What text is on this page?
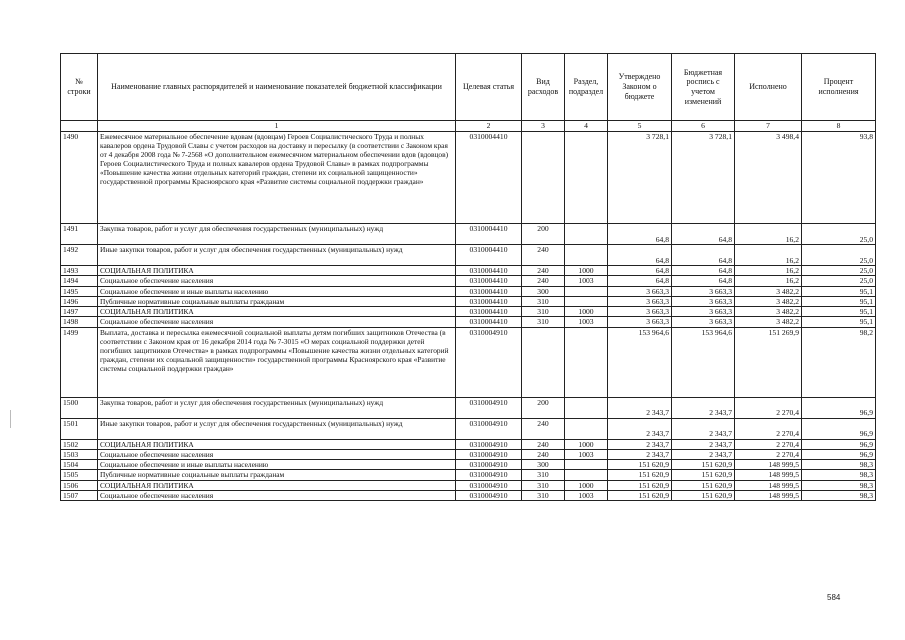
№ строки	Наименование главных распорядителей и наименование показателей бюджетной классификации	Целевая статья	Вид расходов	Раздел, подраздел	Утверждено Законом о бюджете	Бюджетная роспись с учетом изменений	Исполнено	Процент исполнения
	1	2	3	4	5	6	7	8
1490	Ежемесячное материальное обеспечение вдовам (вдовцам) Героев Социалистического Труда и полных кавалеров ордена Трудовой Славы с учетом расходов на доставку и пересылку (в соответствии с Законом края от 4 декабря 2008 года № 7-2568 «О дополнительном ежемесячном материальном обеспечении вдов (вдовцов) Героев Социалистического Труда и полных кавалеров ордена Трудовой Славы» в рамках подпрограммы «Повышение качества жизни отдельных категорий граждан, степени их социальной защищенности» государственной программы Красноярского края «Развитие системы социальной поддержки граждан»	0310004410			3 728,1	3 728,1	3 498,4	93,8
1491	Закупка товаров, работ и услуг для обеспечения государственных (муниципальных) нужд	0310004410	200		64,8	64,8	16,2	25,0
1492	Иные закупки товаров, работ и услуг для обеспечения государственных (муниципальных) нужд	0310004410	240		64,8	64,8	16,2	25,0
1493	СОЦИАЛЬНАЯ ПОЛИТИКА	0310004410	240	1000	64,8	64,8	16,2	25,0
1494	Социальное обеспечение населения	0310004410	240	1003	64,8	64,8	16,2	25,0
1495	Социальное обеспечение и иные выплаты населению	0310004410	300		3 663,3	3 663,3	3 482,2	95,1
1496	Публичные нормативные социальные выплаты гражданам	0310004410	310		3 663,3	3 663,3	3 482,2	95,1
1497	СОЦИАЛЬНАЯ ПОЛИТИКА	0310004410	310	1000	3 663,3	3 663,3	3 482,2	95,1
1498	Социальное обеспечение населения	0310004410	310	1003	3 663,3	3 663,3	3 482,2	95,1
1499	Выплата, доставка и пересылка ежемесячной социальной выплаты детям погибших защитников Отечества (в соответствии с Законом края от 16 декабря 2014 года № 7-3015 «О мерах социальной поддержки детей погибших защитников Отечества» в рамках подпрограммы «Повышение качества жизни отдельных категорий граждан, степени их социальной защищенности» государственной программы Красноярского края «Развитие системы социальной поддержки граждан»	0310004910			153 964,6	153 964,6	151 269,9	98,2
1500	Закупка товаров, работ и услуг для обеспечения государственных (муниципальных) нужд	0310004910	200		2 343,7	2 343,7	2 270,4	96,9
1501	Иные закупки товаров, работ и услуг для обеспечения государственных (муниципальных) нужд	0310004910	240		2 343,7	2 343,7	2 270,4	96,9
1502	СОЦИАЛЬНАЯ ПОЛИТИКА	0310004910	240	1000	2 343,7	2 343,7	2 270,4	96,9
1503	Социальное обеспечение населения	0310004910	240	1003	2 343,7	2 343,7	2 270,4	96,9
1504	Социальное обеспечение и иные выплаты населению	0310004910	300		151 620,9	151 620,9	148 999,5	98,3
1505	Публичные нормативные социальные выплаты гражданам	0310004910	310		151 620,9	151 620,9	148 999,5	98,3
1506	СОЦИАЛЬНАЯ ПОЛИТИКА	0310004910	310	1000	151 620,9	151 620,9	148 999,5	98,3
1507	Социальное обеспечение населения	0310004910	310	1003	151 620,9	151 620,9	148 999,5	98,3
584
